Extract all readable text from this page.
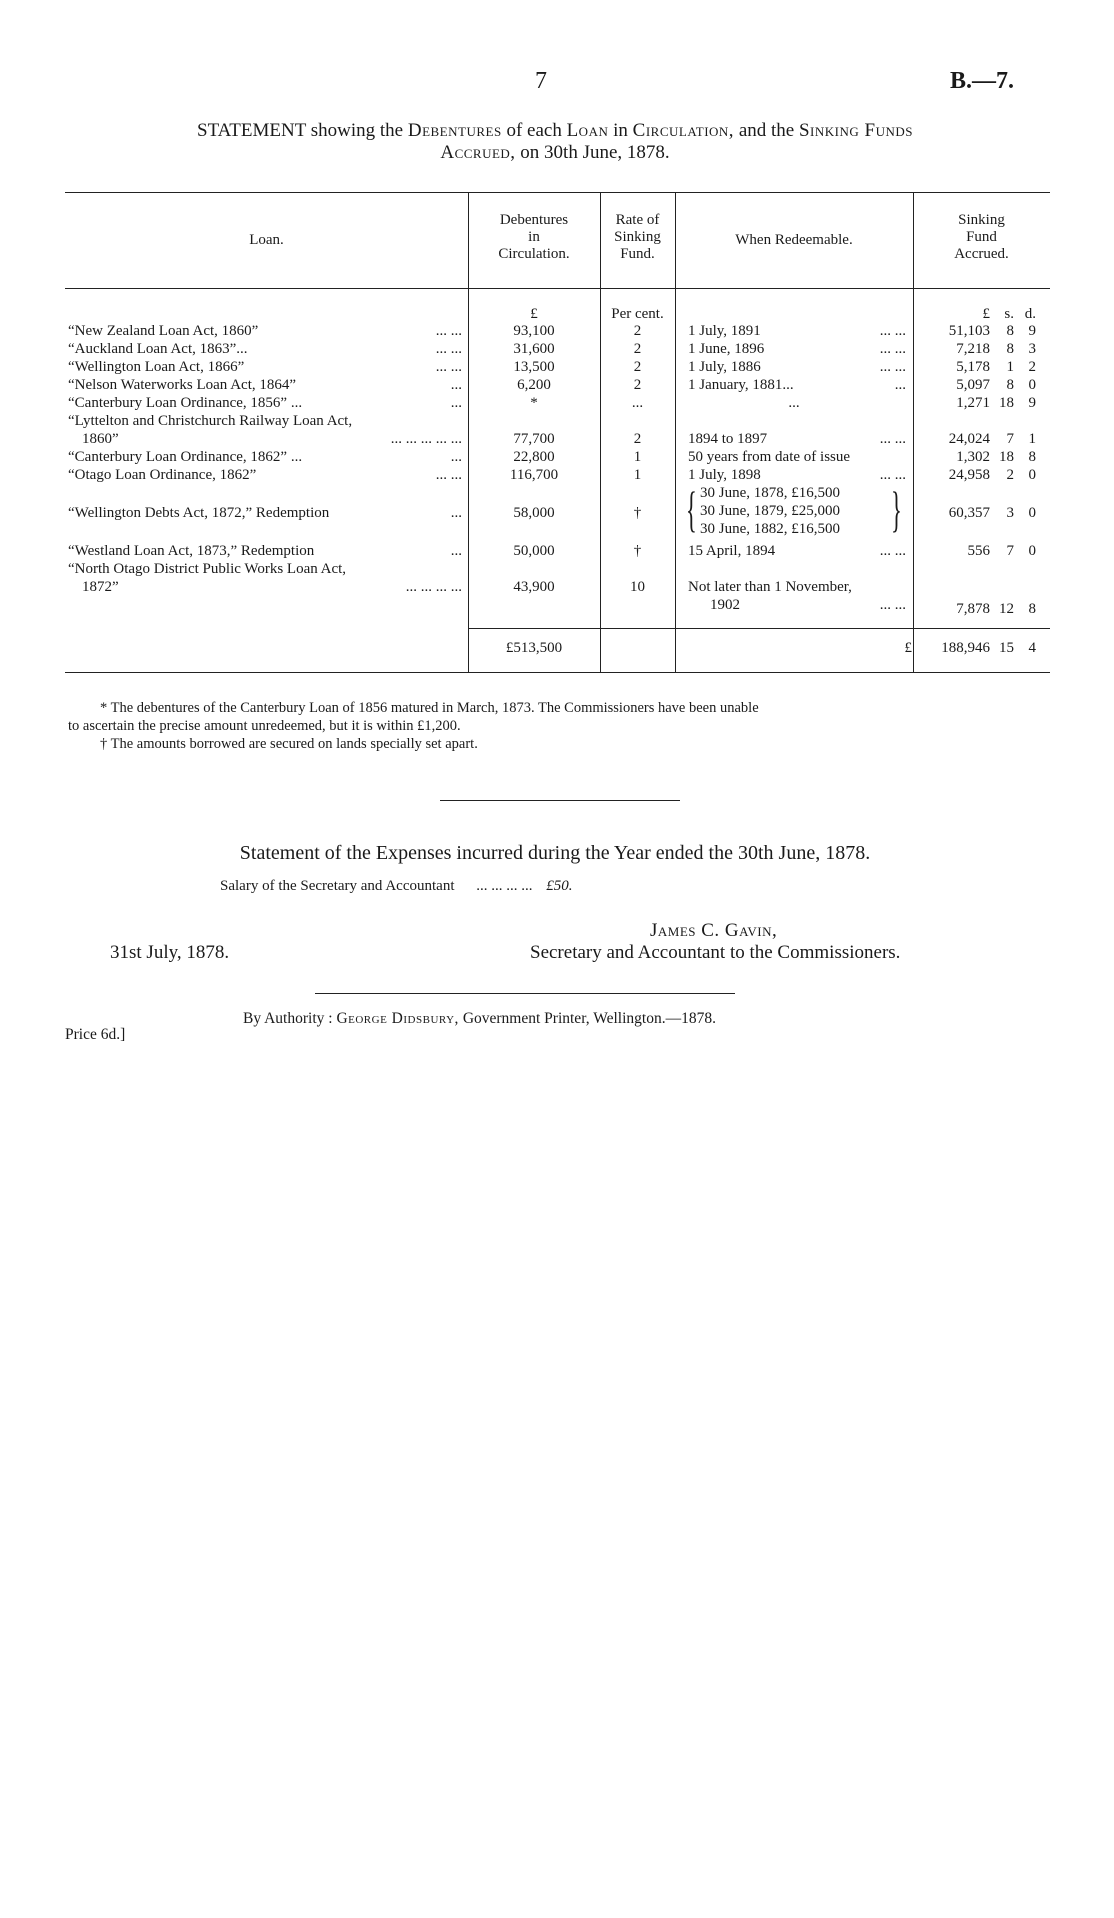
7	B.—7.
STATEMENT showing the Debentures of each Loan in Circulation, and the Sinking Funds
Accrued, on 30th June, 1878.
Loan.
Debentures
in
Circulation.
Rate of
Sinking
Fund.
When Redeemable.
Sinking
Fund
Accrued.
£	Per cent.	£ s. d.
“New Zealand Loan Act, 1860”	... ...	93,100	2	1 July, 1891	... ...	51,103	8 9
“Auckland Loan Act, 1863”...	... ...	31,600	2	1 June, 1896	... ...	7,218	8 3
“Wellington Loan Act, 1866”	... ...	13,500	2	1 July, 1886	... ...	5,178	1 2
“Nelson Waterworks Loan Act, 1864”	...	6,200	2	1 January, 1881...	...	5,097	8 0
“Canterbury Loan Ordinance, 1856” ...	...	*	...	...	1,271 18 9
“Lyttelton and Christchurch Railway Loan Act,
1860”	... ... ... ... ...	77,700	2	1894 to 1897	... ...	24,024	7 1
“Canterbury Loan Ordinance, 1862” ...	...	22,800	1	50 years from date of issue	1,302 18 8
“Otago Loan Ordinance, 1862”	... ...	116,700	1	1 July, 1898	... ...	24,958	2 0
“Wellington Debts Act, 1872,” Redemption	...	58,000	† { 30 June, 1878, £16,500
30 June, 1879, £25,000
30 June, 1882, £16,500 }	60,357	3 0
“Westland Loan Act, 1873,” Redemption	...	50,000	†	15 April, 1894	... ...	556	7 0
“North Otago District Public Works Loan Act,
1872”	... ... ... ...	43,900	10	Not later than 1 November,
1902	... ...	7,878 12 8
£513,500	£	188,946 15 4
* The debentures of the Canterbury Loan of 1856 matured in March, 1873. The Commissioners have been unable
to ascertain the precise amount unredeemed, but it is within £1,200.
† The amounts borrowed are secured on lands specially set apart.
Statement of the Expenses incurred during the Year ended the 30th June, 1878.
Salary of the Secretary and Accountant ... ... ... ... £50.
James C. Gavin,
31st July, 1878.	Secretary and Accountant to the Commissioners.
By Authority : George Didsbury, Government Printer, Wellington.—1878.
Price 6d.]
